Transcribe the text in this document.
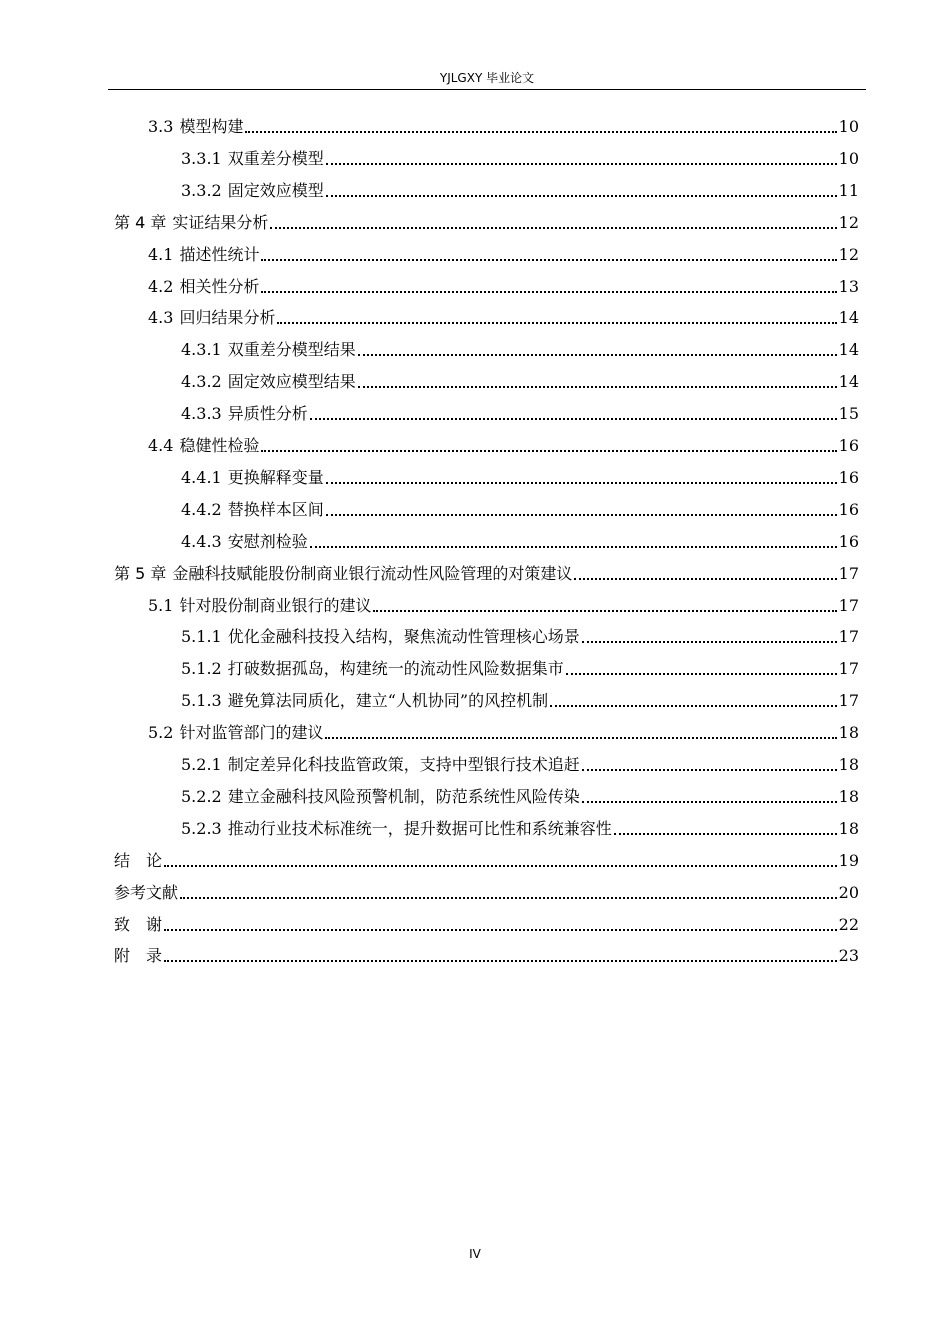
YJLGXY 毕业论文
3.3 模型构建	10
3.3.1 双重差分模型	10
3.3.2 固定效应模型	11
第 4 章 实证结果分析	12
4.1 描述性统计	12
4.2 相关性分析	13
4.3 回归结果分析	14
4.3.1 双重差分模型结果	14
4.3.2 固定效应模型结果	14
4.3.3 异质性分析	15
4.4 稳健性检验	16
4.4.1 更换解释变量	16
4.4.2 替换样本区间	16
4.4.3 安慰剂检验	16
第 5 章 金融科技赋能股份制商业银行流动性风险管理的对策建议	17
5.1 针对股份制商业银行的建议	17
5.1.1 优化金融科技投入结构，聚焦流动性管理核心场景	17
5.1.2 打破数据孤岛，构建统一的流动性风险数据集市	17
5.1.3 避免算法同质化，建立“人机协同”的风控机制	17
5.2 针对监管部门的建议	18
5.2.1 制定差异化科技监管政策，支持中型银行技术追赶	18
5.2.2 建立金融科技风险预警机制，防范系统性风险传染	18
5.2.3 推动行业技术标准统一，提升数据可比性和系统兼容性	18
结　论	19
参考文献	20
致　谢	22
附　录	23
IV
